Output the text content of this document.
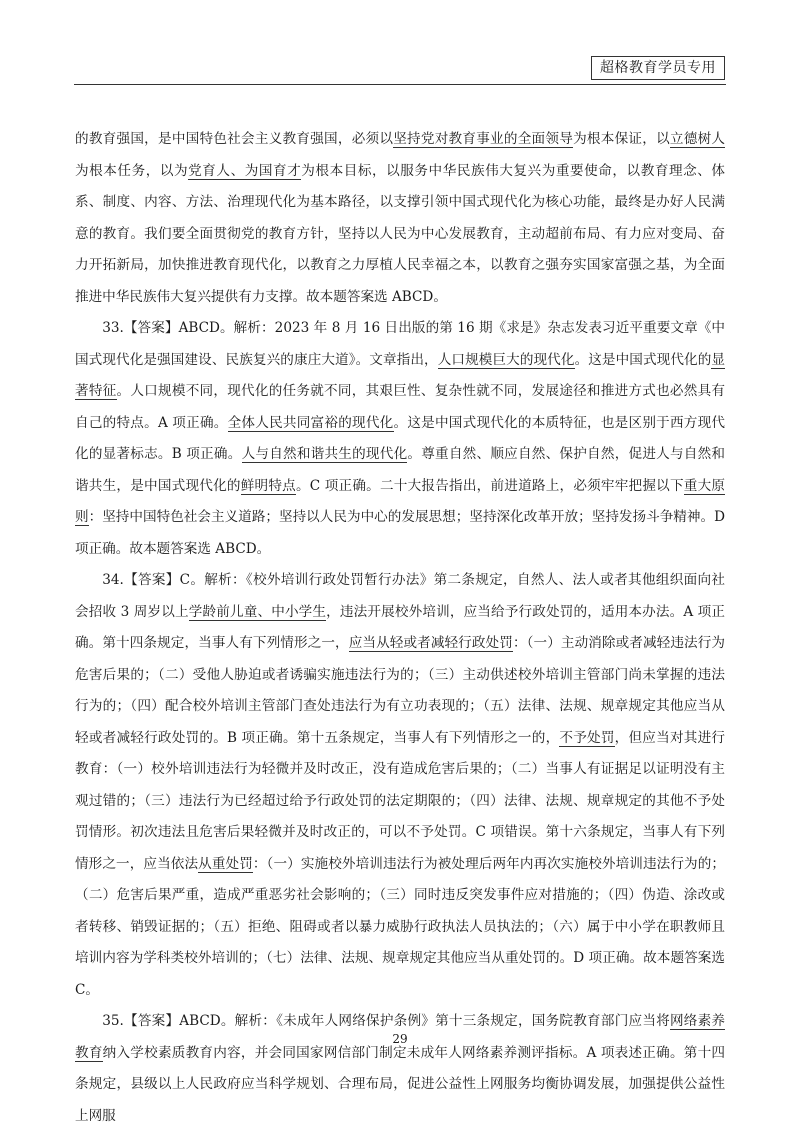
超格教育学员专用

的教育强国，是中国特色社会主义教育强国，必须以坚持党对教育事业的全面领导为根本保证，以立德树人为根本任务，以为党育人、为国育才为根本目标，以服务中华民族伟大复兴为重要使命，以教育理念、体系、制度、内容、方法、治理现代化为基本路径，以支撑引领中国式现代化为核心功能，最终是办好人民满意的教育。我们要全面贯彻党的教育方针，坚持以人民为中心发展教育，主动超前布局、有力应对变局、奋力开拓新局，加快推进教育现代化，以教育之力厚植人民幸福之本，以教育之强夯实国家富强之基，为全面推进中华民族伟大复兴提供有力支撑。故本题答案选 ABCD。

33.【答案】ABCD。解析：2023 年 8 月 16 日出版的第 16 期《求是》杂志发表习近平重要文章《中国式现代化是强国建设、民族复兴的康庄大道》。文章指出，人口规模巨大的现代化。这是中国式现代化的显著特征。人口规模不同，现代化的任务就不同，其艰巨性、复杂性就不同，发展途径和推进方式也必然具有自己的特点。A 项正确。全体人民共同富裕的现代化。这是中国式现代化的本质特征，也是区别于西方现代化的显著标志。B 项正确。人与自然和谐共生的现代化。尊重自然、顺应自然、保护自然，促进人与自然和谐共生，是中国式现代化的鲜明特点。C 项正确。二十大报告指出，前进道路上，必须牢牢把握以下重大原则：坚持中国特色社会主义道路；坚持以人民为中心的发展思想；坚持深化改革开放；坚持发扬斗争精神。D 项正确。故本题答案选 ABCD。

34.【答案】C。解析：《校外培训行政处罚暂行办法》第二条规定，自然人、法人或者其他组织面向社会招收 3 周岁以上学龄前儿童、中小学生，违法开展校外培训，应当给予行政处罚的，适用本办法。A 项正确。第十四条规定，当事人有下列情形之一，应当从轻或者减轻行政处罚：（一）主动消除或者减轻违法行为危害后果的；（二）受他人胁迫或者诱骗实施违法行为的；（三）主动供述校外培训主管部门尚未掌握的违法行为的；（四）配合校外培训主管部门查处违法行为有立功表现的；（五）法律、法规、规章规定其他应当从轻或者减轻行政处罚的。B 项正确。第十五条规定，当事人有下列情形之一的，不予处罚，但应当对其进行教育：（一）校外培训违法行为轻微并及时改正，没有造成危害后果的；（二）当事人有证据足以证明没有主观过错的；（三）违法行为已经超过给予行政处罚的法定期限的；（四）法律、法规、规章规定的其他不予处罚情形。初次违法且危害后果轻微并及时改正的，可以不予处罚。C 项错误。第十六条规定，当事人有下列情形之一，应当依法从重处罚：（一）实施校外培训违法行为被处理后两年内再次实施校外培训违法行为的；（二）危害后果严重，造成严重恶劣社会影响的；（三）同时违反突发事件应对措施的；（四）伪造、涂改或者转移、销毁证据的；（五）拒绝、阻碍或者以暴力威胁行政执法人员执法的；（六）属于中小学在职教师且培训内容为学科类校外培训的；（七）法律、法规、规章规定其他应当从重处罚的。D 项正确。故本题答案选 C。

35.【答案】ABCD。解析：《未成年人网络保护条例》第十三条规定，国务院教育部门应当将网络素养教育纳入学校素质教育内容，并会同国家网信部门制定未成年人网络素养测评指标。A 项表述正确。第十四条规定，县级以上人民政府应当科学规划、合理布局，促进公益性上网服务均衡协调发展，加强提供公益性上网服

29
